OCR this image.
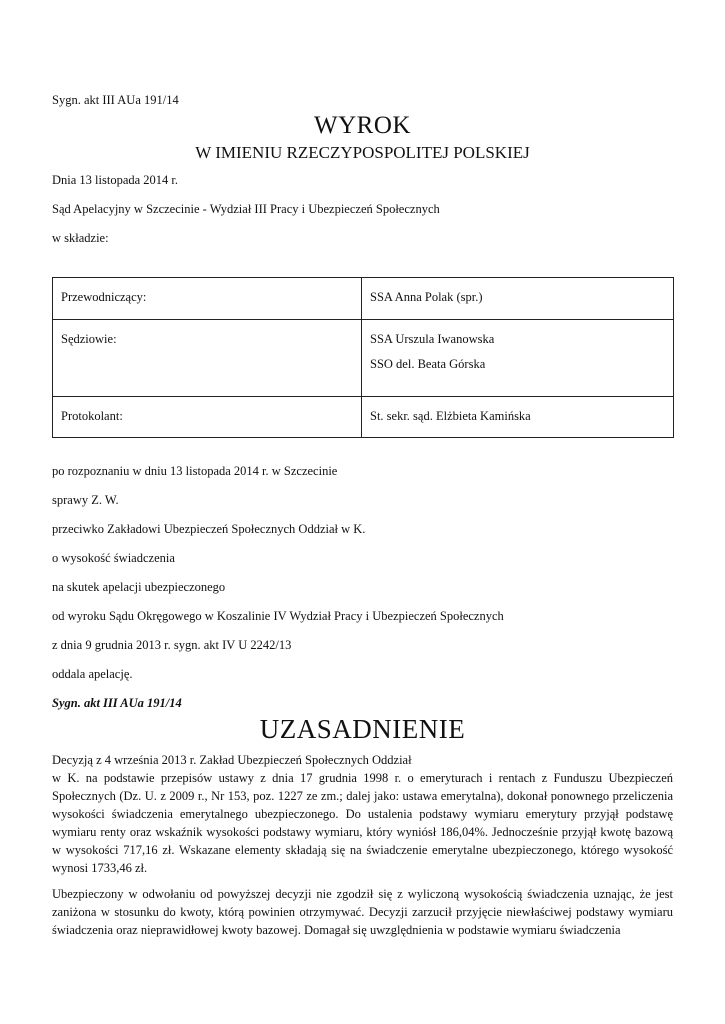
Sygn. akt III AUa 191/14
WYROK
W IMIENIU RZECZYPOSPOLITEJ POLSKIEJ
Dnia 13 listopada 2014 r.
Sąd Apelacyjny w Szczecinie - Wydział III Pracy i Ubezpieczeń Społecznych
w składzie:
Przewodniczący:	SSA Anna Polak (spr.)
Sędziowie:	SSA Urszula Iwanowska
SSO del. Beata Górska

Protokolant:	St. sekr. sąd. Elżbieta Kamińska
po rozpoznaniu w dniu 13 listopada 2014 r. w Szczecinie
sprawy Z. W.
przeciwko Zakładowi Ubezpieczeń Społecznych Oddział w K.
o wysokość świadczenia
na skutek apelacji ubezpieczonego
od wyroku Sądu Okręgowego w Koszalinie IV Wydział Pracy i Ubezpieczeń Społecznych
z dnia 9 grudnia 2013 r. sygn. akt IV U 2242/13
oddala apelację.
Sygn. akt III AUa 191/14
UZASADNIENIE
Decyzją z 4 września 2013 r. Zakład Ubezpieczeń Społecznych Oddział
w K. na podstawie przepisów ustawy z dnia 17 grudnia 1998 r. o emeryturach i rentach z Funduszu Ubezpieczeń Społecznych (Dz. U. z 2009 r., Nr 153, poz. 1227 ze zm.; dalej jako: ustawa emerytalna), dokonał ponownego przeliczenia wysokości świadczenia emerytalnego ubezpieczonego. Do ustalenia podstawy wymiaru emerytury przyjął podstawę wymiaru renty oraz wskaźnik wysokości podstawy wymiaru, który wyniósł 186,04%. Jednocześnie przyjął kwotę bazową w wysokości 717,16 zł. Wskazane elementy składają się na świadczenie emerytalne ubezpieczonego, którego wysokość wynosi 1733,46 zł.
Ubezpieczony w odwołaniu od powyższej decyzji nie zgodził się z wyliczoną wysokością świadczenia uznając, że jest zaniżona w stosunku do kwoty, którą powinien otrzymywać. Decyzji zarzucił przyjęcie niewłaściwej podstawy wymiaru świadczenia oraz nieprawidłowej kwoty bazowej. Domagał się uwzględnienia w podstawie wymiaru świadczenia
